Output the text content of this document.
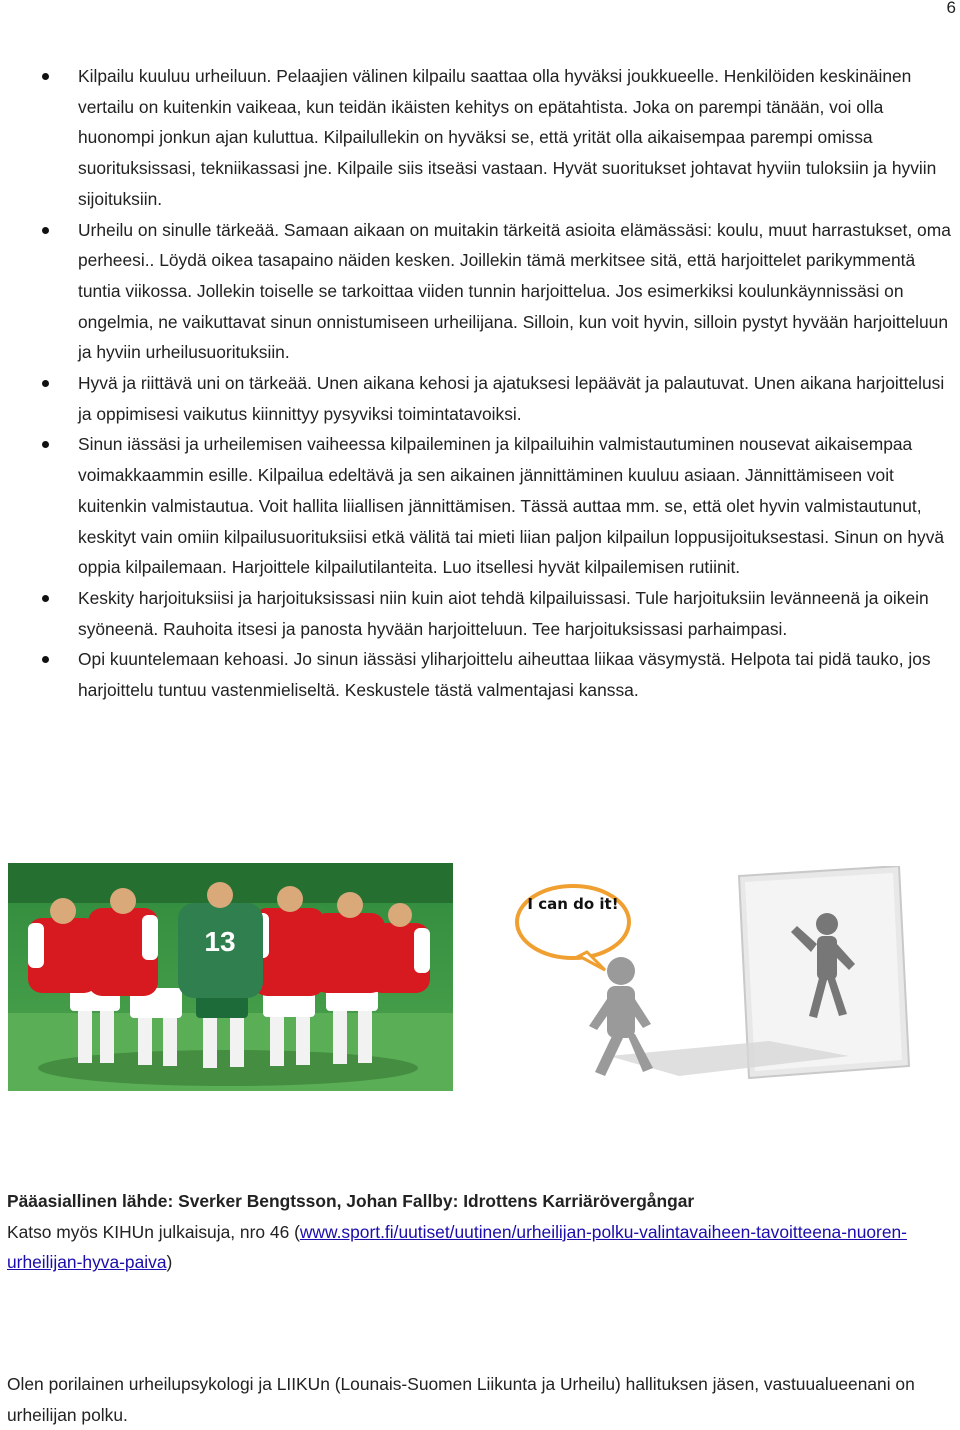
6
Kilpailu kuuluu urheiluun. Pelaajien välinen kilpailu saattaa olla hyväksi joukkueelle. Henkilöiden keskinäinen vertailu on kuitenkin vaikeaa, kun teidän ikäisten kehitys on epätahtista. Joka on parempi tänään, voi olla huonompi jonkun ajan kuluttua. Kilpailullekin on hyväksi se, että yrität olla aikaisempaa parempi omissa suorituksissasi, tekniikassasi jne. Kilpaile siis itseäsi vastaan. Hyvät suoritukset johtavat hyviin tuloksiin ja hyviin sijoituksiin.
Urheilu on sinulle tärkeää. Samaan aikaan on muitakin tärkeitä asioita elämässäsi: koulu, muut harrastukset, oma perheesi.. Löydä oikea tasapaino näiden kesken. Joillekin tämä merkitsee sitä, että harjoittelet parikymmentä tuntia viikossa. Jollekin toiselle se tarkoittaa viiden tunnin harjoittelua. Jos esimerkiksi koulunkäynnissäsi on ongelmia, ne vaikuttavat sinun onnistumiseen urheilijana. Silloin, kun voit hyvin, silloin pystyt hyvään harjoitteluun ja hyviin urheilusuorituksiin.
Hyvä ja riittävä uni on tärkeää. Unen aikana kehosi ja ajatuksesi lepäävät ja palautuvat. Unen aikana harjoittelusi ja oppimisesi vaikutus kiinnittyy pysyviksi toimintatavoiksi.
Sinun iässäsi ja urheilemisen vaiheessa kilpaileminen ja kilpailuihin valmistautuminen nousevat aikaisempaa voimakkaammin esille. Kilpailua edeltävä ja sen aikainen jännittäminen kuuluu asiaan. Jännittämiseen voit kuitenkin valmistautua. Voit hallita liiallisen jännittämisen. Tässä auttaa mm. se, että olet hyvin valmistautunut, keskityt vain omiin kilpailusuorituksiisi etkä välitä tai mieti liian paljon kilpailun loppusijoituksestasi. Sinun on hyvä oppia kilpailemaan. Harjoittele kilpailutilanteita. Luo itsellesi hyvät kilpailemisen rutiinit.
Keskity harjoituksiisi ja harjoituksissasi niin kuin aiot tehdä kilpailuissasi. Tule harjoituksiin levänneenä ja oikein syöneenä. Rauhoita itsesi ja panosta hyvään harjoitteluun. Tee harjoituksissasi parhaimpasi.
Opi kuuntelemaan kehoasi. Jo sinun iässäsi yliharjoittelu aiheuttaa liikaa väsymystä. Helpota tai pidä tauko, jos harjoittelu tuntuu vastenmieliseltä. Keskustele tästä valmentajasi kanssa.
13
I can do it!
Pääasiallinen lähde: Sverker Bengtsson, Johan Fallby: Idrottens Karriärövergångar
Katso myös KIHUn julkaisuja, nro 46 (www.sport.fi/uutiset/uutinen/urheilijan-polku-valintavaiheen-tavoitteena-nuoren-urheilijan-hyva-paiva)
Olen porilainen urheilupsykologi ja LIIKUn (Lounais-Suomen Liikunta ja Urheilu) hallituksen jäsen, vastuualueenani on urheilijan polku.
